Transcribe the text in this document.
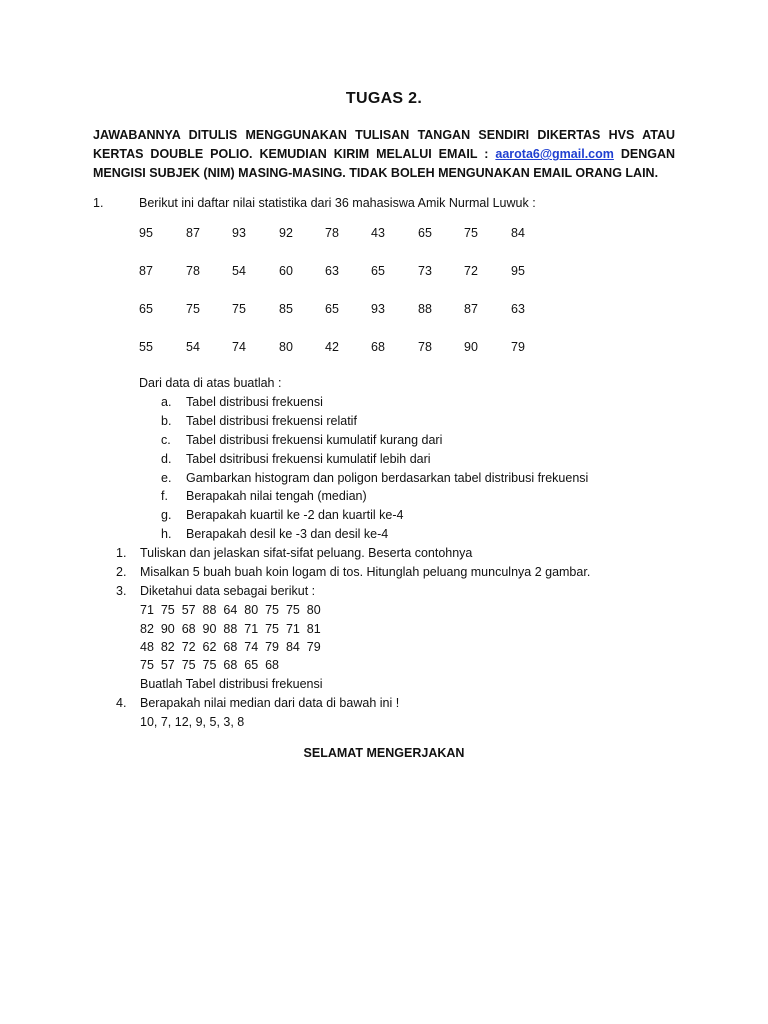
TUGAS 2.
JAWABANNYA DITULIS MENGGUNAKAN TULISAN TANGAN SENDIRI DIKERTAS HVS ATAU KERTAS DOUBLE POLIO. KEMUDIAN KIRIM MELALUI EMAIL : aarota6@gmail.com DENGAN MENGISI SUBJEK (NIM) MASING-MASING. TIDAK BOLEH MENGUNAKAN EMAIL ORANG LAIN.
1.	Berikut ini daftar nilai statistika dari 36 mahasiswa Amik Nurmal Luwuk :
95	87	93	92	78	43	65	75	84
87	78	54	60	63	65	73	72	95
65	75	75	85	65	93	88	87	63
55	54	74	80	42	68	78	90	79
Dari data di atas buatlah :
a. Tabel distribusi frekuensi
b. Tabel distribusi frekuensi relatif
c. Tabel distribusi frekuensi kumulatif kurang dari
d. Tabel dsitribusi frekuensi kumulatif lebih dari
e. Gambarkan histogram dan poligon berdasarkan tabel distribusi frekuensi
f. Berapakah nilai tengah (median)
g. Berapakah kuartil ke -2 dan kuartil ke-4
h. Berapakah desil ke -3 dan desil ke-4
1. Tuliskan dan jelaskan sifat-sifat peluang. Beserta contohnya
2. Misalkan 5 buah buah koin logam di tos. Hitunglah peluang munculnya 2 gambar.
3. Diketahui data sebagai berikut :
71  75  57  88  64  80  75  75  80
82  90  68  90  88  71  75  71  81
48  82  72  62  68  74  79  84  79
75  57  75  75  68  65  68
Buatlah Tabel distribusi frekuensi
4. Berapakah nilai median dari data di bawah ini !
10, 7, 12, 9, 5, 3, 8
SELAMAT MENGERJAKAN
